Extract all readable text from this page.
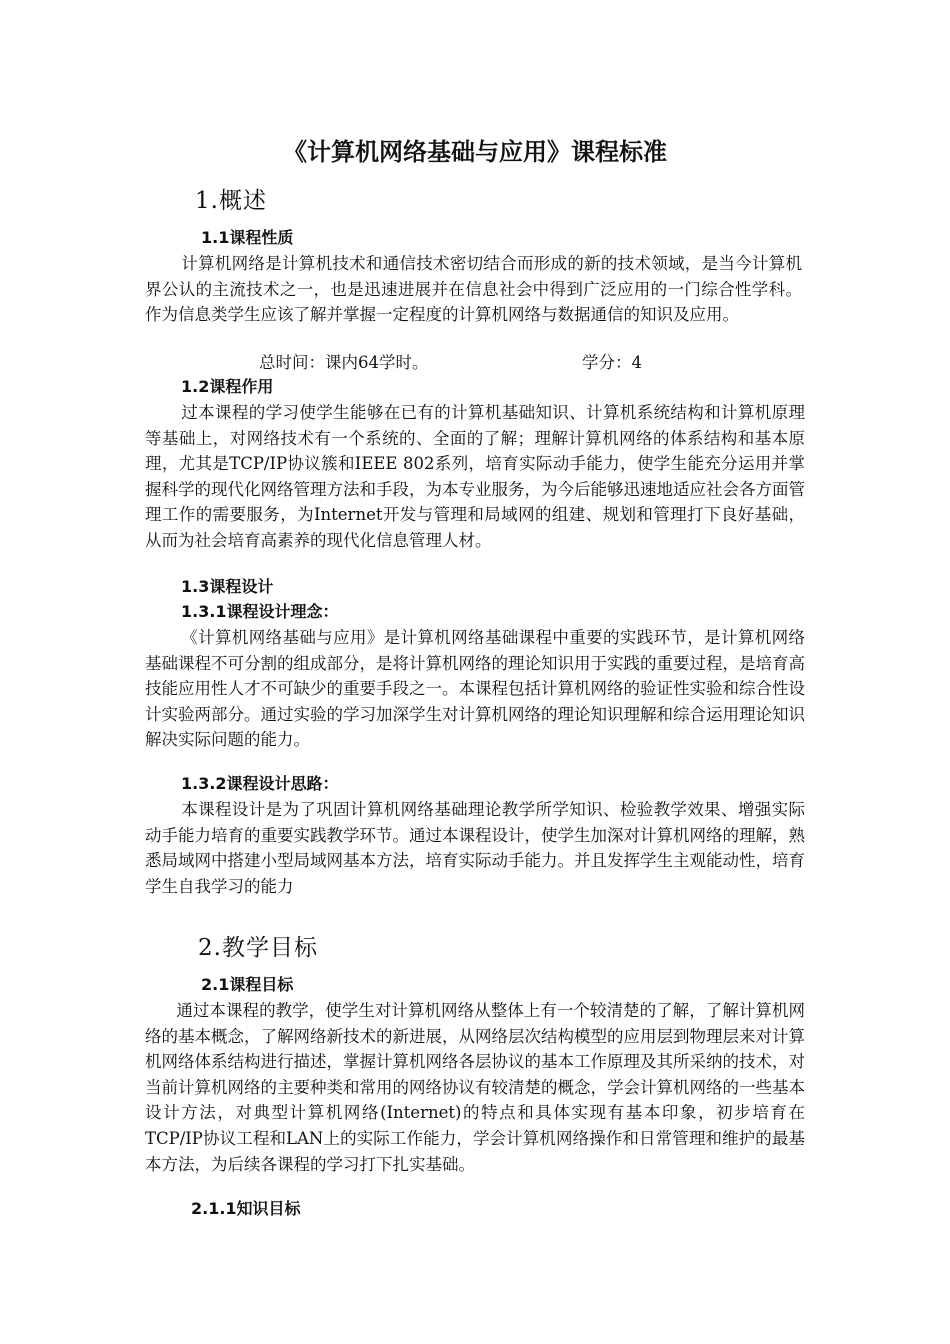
《计算机网络基础与应用》课程标准
1.概述
1.1课程性质

计算机网络是计算机技术和通信技术密切结合而形成的新的技术领域，是当今计算机界公认的主流技术之一，也是迅速进展并在信息社会中得到广泛应用的一门综合性学科。作为信息类学生应该了解并掌握一定程度的计算机网络与数据通信的知识及应用。

总时间：课内64学时。	学分：4
1.2课程作用

过本课程的学习使学生能够在已有的计算机基础知识、计算机系统结构和计算机原理等基础上，对网络技术有一个系统的、全面的了解；理解计算机网络的体系结构和基本原理，尤其是TCP/IP协议簇和IEEE 802系列，培育实际动手能力，使学生能充分运用并掌握科学的现代化网络管理方法和手段，为本专业服务，为今后能够迅速地适应社会各方面管理工作的需要服务，为Internet开发与管理和局域网的组建、规划和管理打下良好基础，从而为社会培育高素养的现代化信息管理人材。

1.3课程设计
1.3.1课程设计理念：

《计算机网络基础与应用》是计算机网络基础课程中重要的实践环节，是计算机网络基础课程不可分割的组成部分，是将计算机网络的理论知识用于实践的重要过程，是培育高技能应用性人才不可缺少的重要手段之一。本课程包括计算机网络的验证性实验和综合性设计实验两部分。通过实验的学习加深学生对计算机网络的理论知识理解和综合运用理论知识解决实际问题的能力。

1.3.2课程设计思路：

本课程设计是为了巩固计算机网络基础理论教学所学知识、检验教学效果、增强实际动手能力培育的重要实践教学环节。通过本课程设计，使学生加深对计算机网络的理解，熟悉局域网中搭建小型局域网基本方法，培育实际动手能力。并且发挥学生主观能动性，培育学生自我学习的能力

2.教学目标
2.1课程目标

通过本课程的教学，使学生对计算机网络从整体上有一个较清楚的了解，了解计算机网络的基本概念，了解网络新技术的新进展，从网络层次结构模型的应用层到物理层来对计算机网络体系结构进行描述，掌握计算机网络各层协议的基本工作原理及其所采纳的技术，对当前计算机网络的主要种类和常用的网络协议有较清楚的概念，学会计算机网络的一些基本设计方法，对典型计算机网络(Internet)的特点和具体实现有基本印象，初步培育在 TCP/IP协议工程和LAN上的实际工作能力，学会计算机网络操作和日常管理和维护的最基本方法，为后续各课程的学习打下扎实基础。

2.1.1知识目标
